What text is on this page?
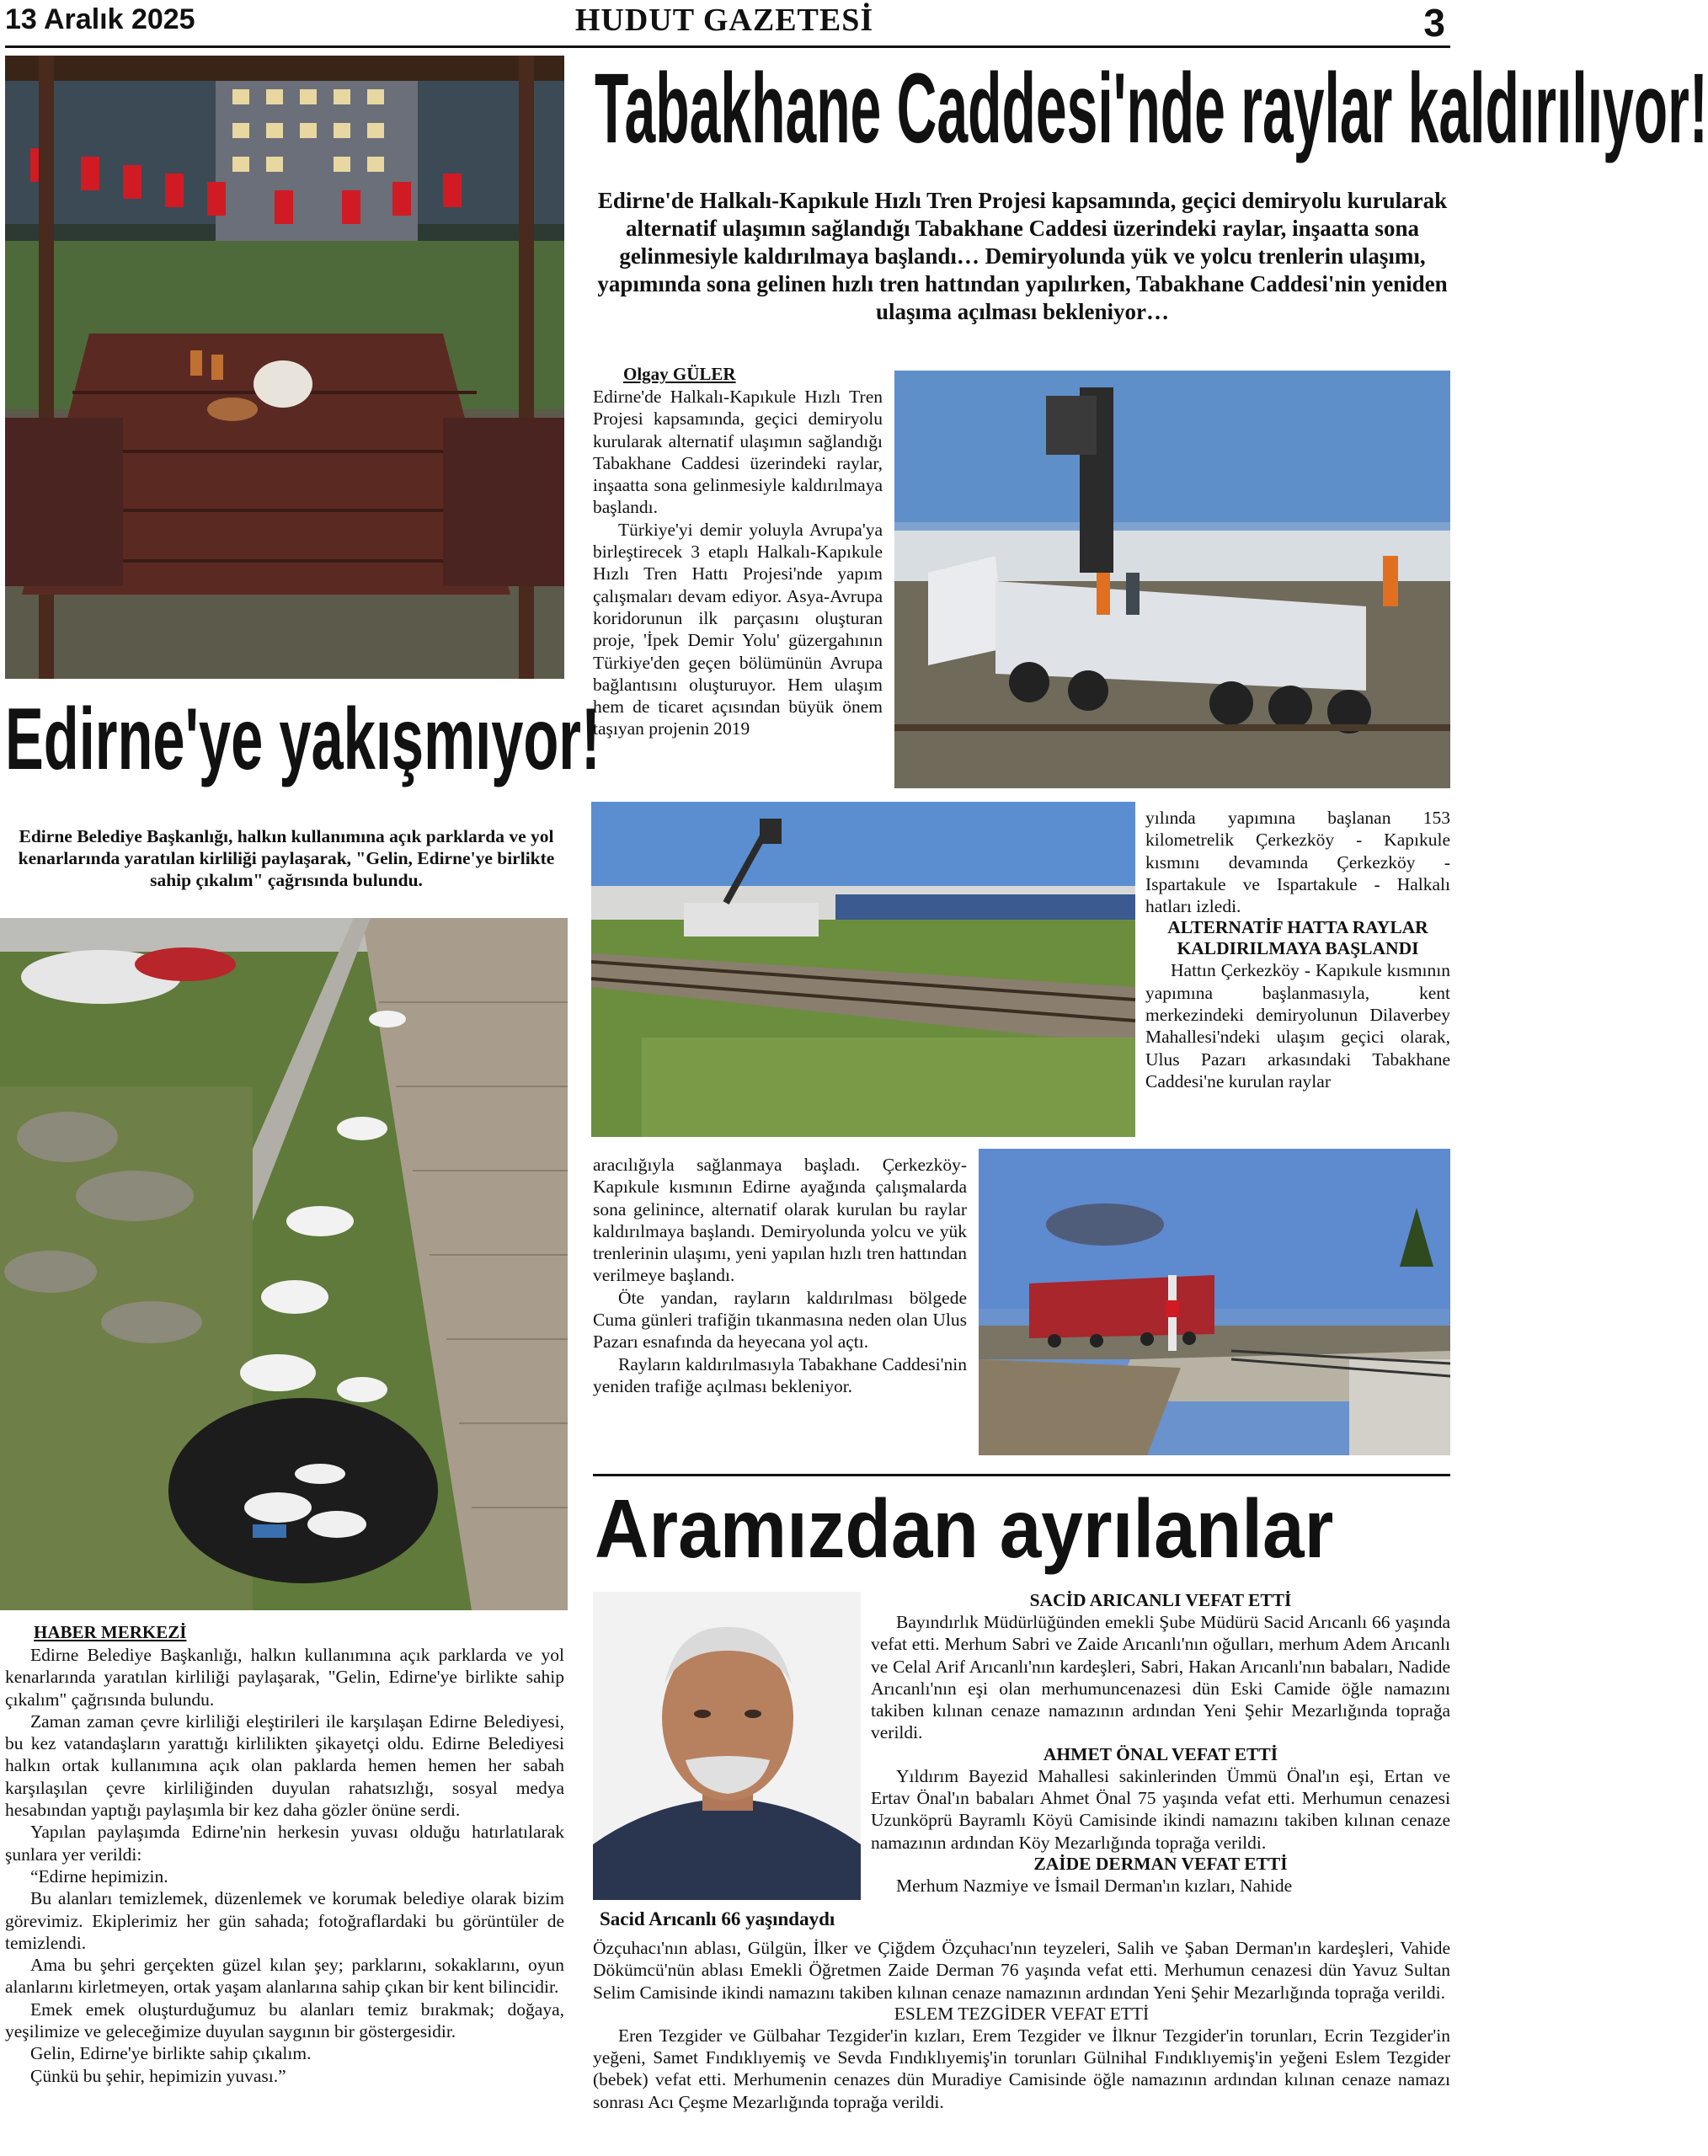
13 Aralık 2025	HUDUT GAZETESİ	3
Edirne'ye yakışmıyor!
Edirne Belediye Başkanlığı, halkın kullanımına açık parklarda ve yol kenarlarında yaratılan kirliliği paylaşarak, "Gelin, Edirne'ye birlikte sahip çıkalım" çağrısında bulundu.
HABER MERKEZİ

Edirne Belediye Başkanlığı, halkın kullanımına açık parklarda ve yol kenarlarında yaratılan kirliliği paylaşarak, "Gelin, Edirne'ye birlikte sahip çıkalım" çağrısında bulundu.

Zaman zaman çevre kirliliği eleştirileri ile karşılaşan Edirne Belediyesi, bu kez vatandaşların yarattığı kirlilikten şikayetçi oldu. Edirne Belediyesi halkın ortak kullanımına açık olan paklarda hemen hemen her sabah karşılaşılan çevre kirliliğinden duyulan rahatsızlığı, sosyal medya hesabından yaptığı paylaşımla bir kez daha gözler önüne serdi.

Yapılan paylaşımda Edirne'nin herkesin yuvası olduğu hatırlatılarak şunlara yer verildi:

“Edirne hepimizin.

Bu alanları temizlemek, düzenlemek ve korumak belediye olarak bizim görevimiz. Ekiplerimiz her gün sahada; fotoğraflardaki bu görüntüler de temizlendi.

Ama bu şehri gerçekten güzel kılan şey; parklarını, sokaklarını, oyun alanlarını kirletmeyen, ortak yaşam alanlarına sahip çıkan bir kent bilincidir.

Emek emek oluşturduğumuz bu alanları temiz bırakmak; doğaya, yeşilimize ve geleceğimize duyulan saygının bir göstergesidir.

Gelin, Edirne'ye birlikte sahip çıkalım.

Çünkü bu şehir, hepimizin yuvası.”

Tabakhane Caddesi'nde raylar kaldırılıyor!
Edirne'de Halkalı-Kapıkule Hızlı Tren Projesi kapsamında, geçici demiryolu kurularak alternatif ulaşımın sağlandığı Tabakhane Caddesi üzerindeki raylar, inşaatta sona gelinmesiyle kaldırılmaya başlandı… Demiryolunda yük ve yolcu trenlerin ulaşımı, yapımında sona gelinen hızlı tren hattından yapılırken, Tabakhane Caddesi'nin yeniden ulaşıma açılması bekleniyor…
Olgay GÜLER

Edirne'de Halkalı-Kapıkule Hızlı Tren Projesi kapsamında, geçici demiryolu kurularak alternatif ulaşımın sağlandığı Tabakhane Caddesi üzerindeki raylar, inşaatta sona gelinmesiyle kaldırılmaya başlandı.

Türkiye'yi demir yoluyla Avrupa'ya birleştirecek 3 etaplı Halkalı-Kapıkule Hızlı Tren Hattı Projesi'nde yapım çalışmaları devam ediyor. Asya-Avrupa koridorunun ilk parçasını oluşturan proje, 'İpek Demir Yolu' güzergahının Türkiye'den geçen bölümünün Avrupa bağlantısını oluşturuyor. Hem ulaşım hem de ticaret açısından büyük önem taşıyan projenin 2019

yılında yapımına başlanan 153 kilometrelik Çerkezköy - Kapıkule kısmını devamında Çerkezköy - Ispartakule ve Ispartakule - Halkalı hatları izledi.

ALTERNATİF HATTA RAYLAR KALDIRILMAYA BAŞLANDI

Hattın Çerkezköy - Kapıkule kısmının yapımına başlanmasıyla, kent merkezindeki demiryolunun Dilaverbey Mahallesi'ndeki ulaşım geçici olarak, Ulus Pazarı arkasındaki Tabakhane Caddesi'ne kurulan raylar

aracılığıyla sağlanmaya başladı. Çerkezköy-Kapıkule kısmının Edirne ayağında çalışmalarda sona gelinince, alternatif olarak kurulan bu raylar kaldırılmaya başlandı. Demiryolunda yolcu ve yük trenlerinin ulaşımı, yeni yapılan hızlı tren hattından verilmeye başlandı.

Öte yandan, rayların kaldırılması bölgede Cuma günleri trafiğin tıkanmasına neden olan Ulus Pazarı esnafında da heyecana yol açtı.

Rayların kaldırılmasıyla Tabakhane Caddesi'nin yeniden trafiğe açılması bekleniyor.

Aramızdan ayrılanlar
Sacid Arıcanlı 66 yaşındaydı
SACİD ARICANLI VEFAT ETTİ

Bayındırlık Müdürlüğünden emekli Şube Müdürü Sacid Arıcanlı 66 yaşında vefat etti. Merhum Sabri ve Zaide Arıcanlı'nın oğulları, merhum Adem Arıcanlı ve Celal Arif Arıcanlı'nın kardeşleri, Sabri, Hakan Arıcanlı'nın babaları, Nadide Arıcanlı'nın eşi olan merhumuncenazesi dün Eski Camide öğle namazını takiben kılınan cenaze namazının ardından Yeni Şehir Mezarlığında toprağa verildi.

AHMET ÖNAL VEFAT ETTİ

Yıldırım Bayezid Mahallesi sakinlerinden Ümmü Önal'ın eşi, Ertan ve Ertav Önal'ın babaları Ahmet Önal 75 yaşında vefat etti. Merhumun cenazesi Uzunköprü Bayramlı Köyü Camisinde ikindi namazını takiben kılınan cenaze namazının ardından Köy Mezarlığında toprağa verildi.

ZAİDE DERMAN VEFAT ETTİ

Merhum Nazmiye ve İsmail Derman'ın kızları, Nahide

Özçuhacı'nın ablası, Gülgün, İlker ve Çiğdem Özçuhacı'nın teyzeleri, Salih ve Şaban Derman'ın kardeşleri, Vahide Dökümcü'nün ablası Emekli Öğretmen Zaide Derman 76 yaşında vefat etti. Merhumun cenazesi dün Yavuz Sultan Selim Camisinde ikindi namazını takiben kılınan cenaze namazının ardından Yeni Şehir Mezarlığında toprağa verildi.

ESLEM TEZGİDER VEFAT ETTİ

Eren Tezgider ve Gülbahar Tezgider'in kızları, Erem Tezgider ve İlknur Tezgider'in torunları, Ecrin Tezgider'in yeğeni, Samet Fındıklıyemiş ve Sevda Fındıklıyemiş'in torunları Gülnihal Fındıklıyemiş'in yeğeni Eslem Tezgider (bebek) vefat etti. Merhumenin cenazes dün Muradiye Camisinde öğle namazının ardından kılınan cenaze namazı sonrası Acı Çeşme Mezarlığında toprağa verildi.
